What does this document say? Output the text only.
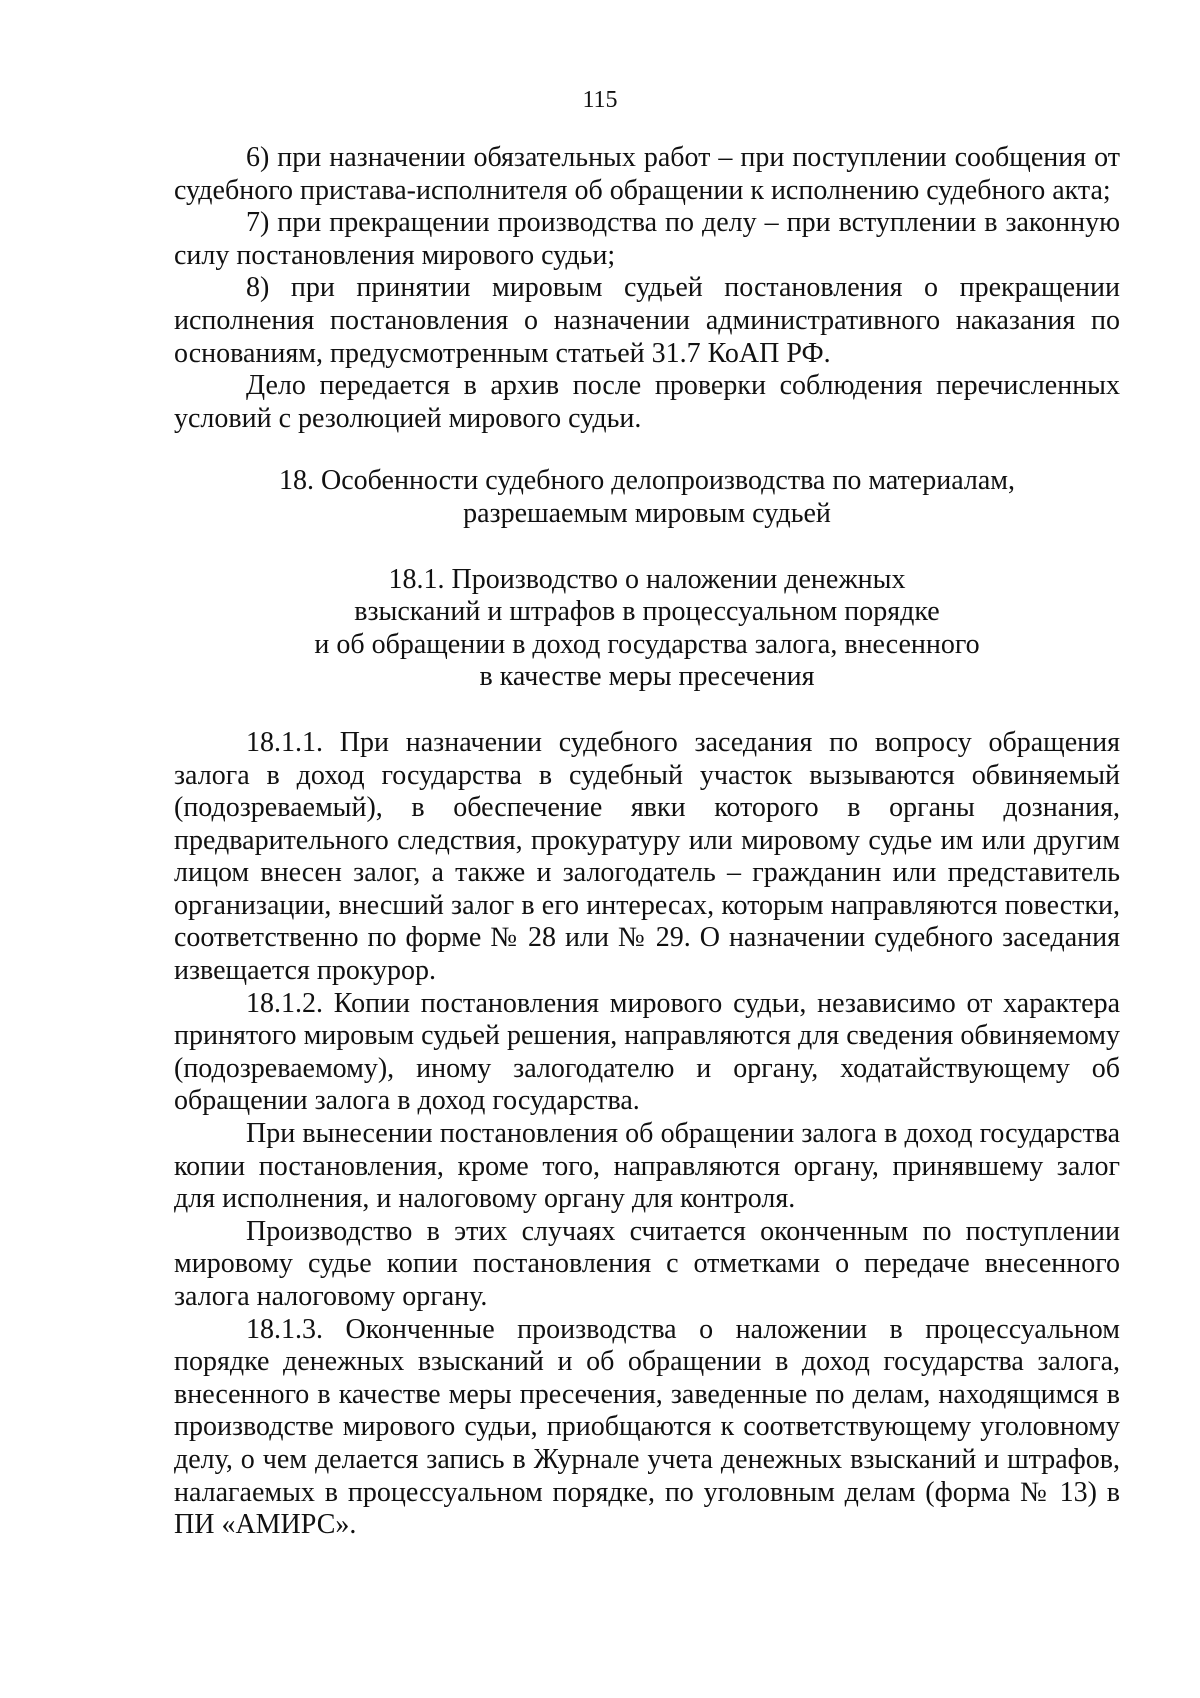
115

6) при назначении обязательных работ – при поступлении сообщения от судебного пристава-исполнителя об обращении к исполнению судебного акта;

7) при прекращении производства по делу – при вступлении в законную силу постановления мирового судьи;

8) при принятии мировым судьей постановления о прекращении исполнения постановления о назначении административного наказания по основаниям, предусмотренным статьей 31.7 КоАП РФ.

Дело передается в архив после проверки соблюдения перечисленных условий с резолюцией мирового судьи.

18. Особенности судебного делопроизводства по материалам,

разрешаемым мировым судьей

18.1. Производство о наложении денежных

взысканий и штрафов в процессуальном порядке

и об обращении в доход государства залога, внесенного

в качестве меры пресечения

18.1.1. При назначении судебного заседания по вопросу обращения залога в доход государства в судебный участок вызываются обвиняемый (подозреваемый), в обеспечение явки которого в органы дознания, предварительного следствия, прокуратуру или мировому судье им или другим лицом внесен залог, а также и залогодатель – гражданин или представитель организации, внесший залог в его интересах, которым направляются повестки, соответственно по форме № 28 или № 29. О назначении судебного заседания извещается прокурор.

18.1.2. Копии постановления мирового судьи, независимо от характера принятого мировым судьей решения, направляются для сведения обвиняемому (подозреваемому), иному залогодателю и органу, ходатайствующему об обращении залога в доход государства.

При вынесении постановления об обращении залога в доход государства копии постановления, кроме того, направляются органу, принявшему залог для исполнения, и налоговому органу для контроля.

Производство в этих случаях считается оконченным по поступлении мировому судье копии постановления с отметками о передаче внесенного залога налоговому органу.

18.1.3. Оконченные производства о наложении в процессуальном порядке денежных взысканий и об обращении в доход государства залога, внесенного в качестве меры пресечения, заведенные по делам, находящимся в производстве мирового судьи, приобщаются к соответствующему уголовному делу, о чем делается запись в Журнале учета денежных взысканий и штрафов, налагаемых в процессуальном порядке, по уголовным делам (форма № 13) в ПИ «АМИРС».
